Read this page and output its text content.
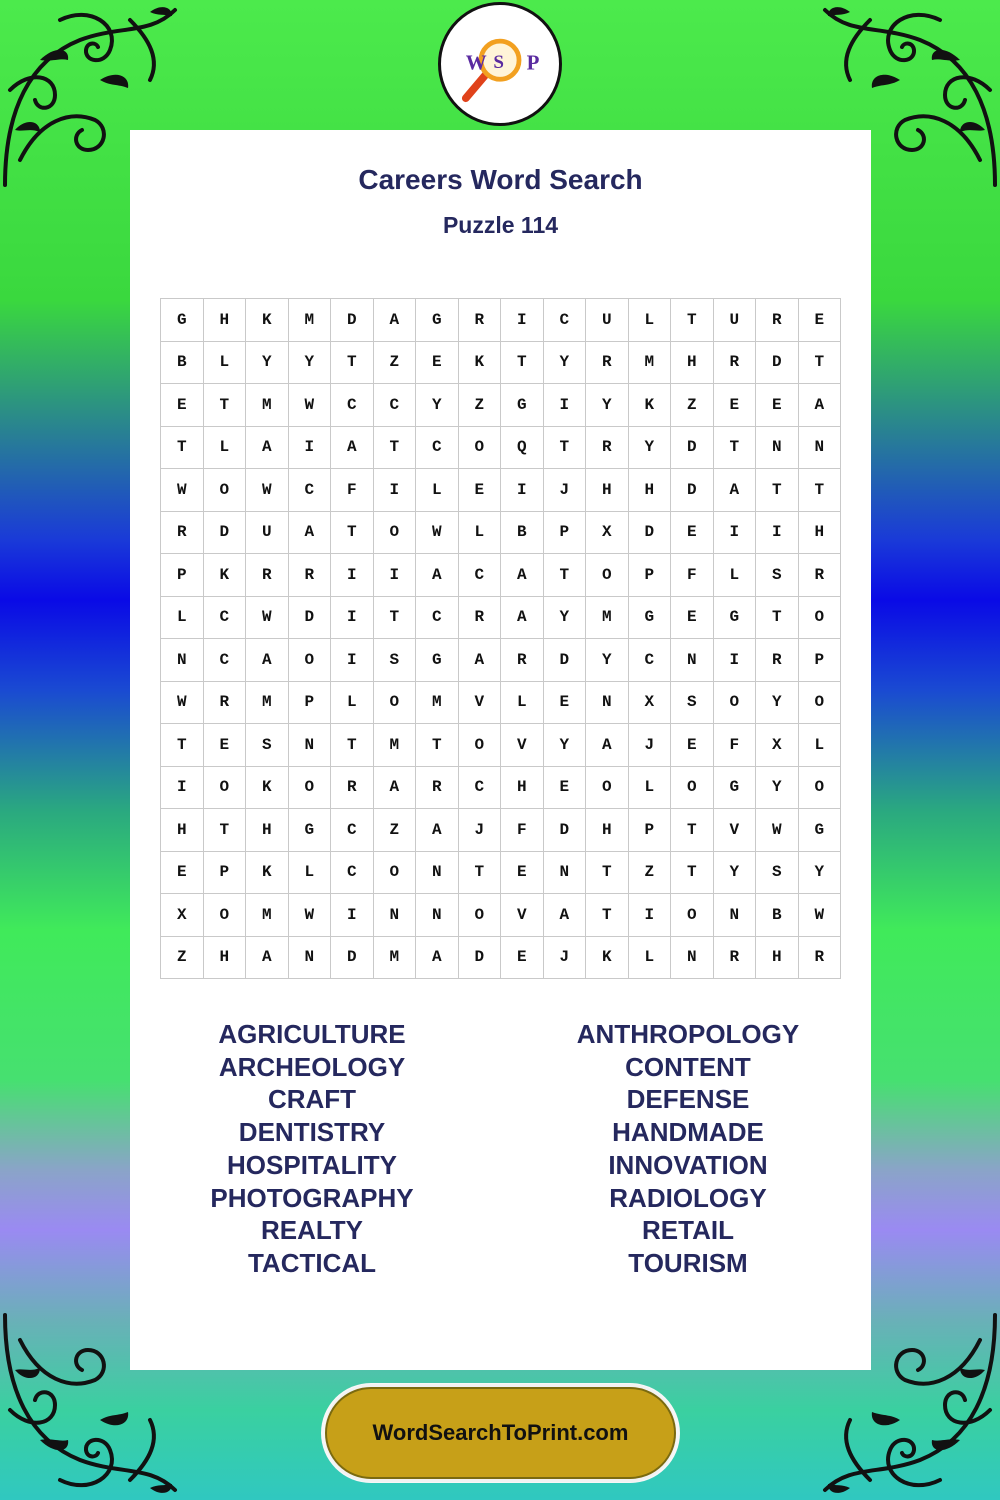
W S P
Careers Word Search
Puzzle 114
G	H	K	M	D	A	G	R	I	C	U	L	T	U	R	E
B	L	Y	Y	T	Z	E	K	T	Y	R	M	H	R	D	T
E	T	M	W	C	C	Y	Z	G	I	Y	K	Z	E	E	A
T	L	A	I	A	T	C	O	Q	T	R	Y	D	T	N	N
W	O	W	C	F	I	L	E	I	J	H	H	D	A	T	T
R	D	U	A	T	O	W	L	B	P	X	D	E	I	I	H
P	K	R	R	I	I	A	C	A	T	O	P	F	L	S	R
L	C	W	D	I	T	C	R	A	Y	M	G	E	G	T	O
N	C	A	O	I	S	G	A	R	D	Y	C	N	I	R	P
W	R	M	P	L	O	M	V	L	E	N	X	S	O	Y	O
T	E	S	N	T	M	T	O	V	Y	A	J	E	F	X	L
I	O	K	O	R	A	R	C	H	E	O	L	O	G	Y	O
H	T	H	G	C	Z	A	J	F	D	H	P	T	V	W	G
E	P	K	L	C	O	N	T	E	N	T	Z	T	Y	S	Y
X	O	M	W	I	N	N	O	V	A	T	I	O	N	B	W
Z	H	A	N	D	M	A	D	E	J	K	L	N	R	H	R
AGRICULTURE
ARCHEOLOGY
CRAFT
DENTISTRY
HOSPITALITY
PHOTOGRAPHY
REALTY
TACTICAL
ANTHROPOLOGY
CONTENT
DEFENSE
HANDMADE
INNOVATION
RADIOLOGY
RETAIL
TOURISM
WordSearchToPrint.com
